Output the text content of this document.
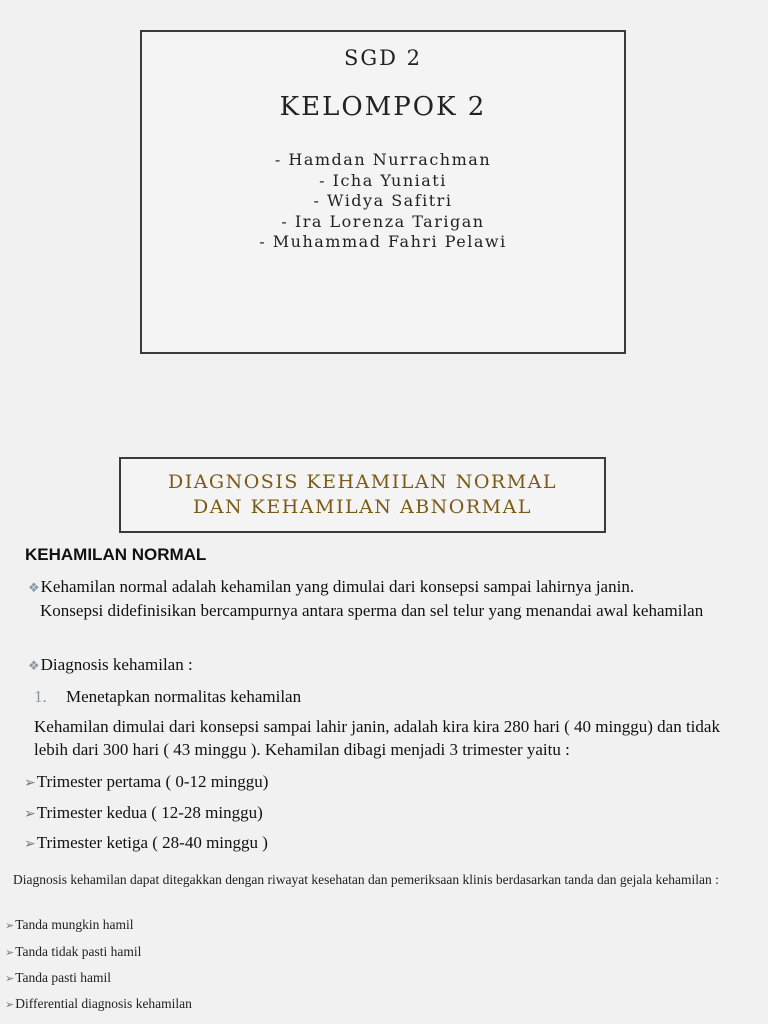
SGD 2
KELOMPOK 2
- Hamdan Nurrachman
- Icha Yuniati
- Widya Safitri
- Ira Lorenza Tarigan
- Muhammad Fahri Pelawi
DIAGNOSIS KEHAMILAN NORMAL
DAN KEHAMILAN ABNORMAL
KEHAMILAN NORMAL
❖Kehamilan normal adalah kehamilan yang dimulai dari konsepsi sampai lahirnya janin.
Konsepsi didefinisikan bercampurnya antara sperma dan sel telur yang menandai awal kehamilan
❖Diagnosis kehamilan :
1. Menetapkan normalitas kehamilan
Kehamilan dimulai dari konsepsi sampai lahir janin, adalah kira kira 280 hari ( 40 minggu) dan tidak lebih dari 300 hari ( 43 minggu ). Kehamilan dibagi menjadi 3 trimester yaitu :
➢Trimester pertama ( 0-12 minggu)
➢Trimester kedua ( 12-28 minggu)
➢Trimester ketiga ( 28-40 minggu )
Diagnosis kehamilan dapat ditegakkan dengan riwayat kesehatan dan pemeriksaan klinis berdasarkan tanda dan gejala kehamilan :
➢Tanda mungkin hamil
➢Tanda tidak pasti hamil
➢Tanda pasti hamil
➢Differential diagnosis kehamilan
